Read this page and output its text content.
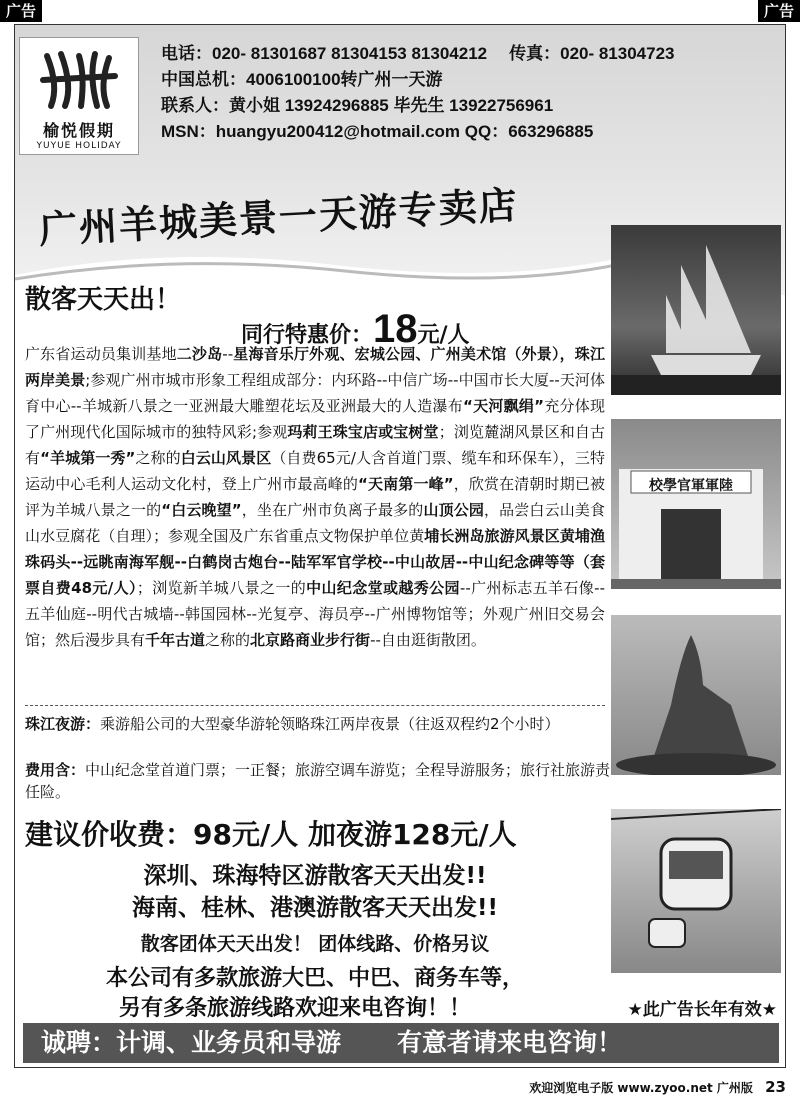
广告	广告
榆悦假期
YUYUE HOLIDAY
电话：020- 81301687 81304153 81304212 传真：020- 81304723
中国总机：4006100100转广州一天游
联系人：黄小姐 13924296885 毕先生 13922756961
MSN：huangyu200412@hotmail.com QQ：663296885
广州羊城美景一天游专卖店
散客天天出！
同行特惠价：18元/人
广东省运动员集训基地二沙岛--星海音乐厅外观、宏城公园、广州美术馆（外景），珠江两岸美景;参观广州市城市形象工程组成部分：内环路--中信广场--中国市长大厦--天河体育中心--羊城新八景之一亚洲最大雕塑花坛及亚洲最大的人造瀑布“天河飘绢”充分体现了广州现代化国际城市的独特风彩;参观玛莉王珠宝店或宝树堂；浏览麓湖风景区和自古有“羊城第一秀”之称的白云山风景区（自费65元/人含首道门票、缆车和环保车），三特运动中心毛利人运动文化村，登上广州市最高峰的“天南第一峰”，欣赏在清朝时期已被评为羊城八景之一的“白云晚望”，坐在广州市负离子最多的山顶公园，品尝白云山美食山水豆腐花（自理）；参观全国及广东省重点文物保护单位黄埔长洲岛旅游风景区黄埔渔珠码头--远眺南海军舰--白鹤岗古炮台--陆军军官学校--中山故居--中山纪念碑等等（套票自费48元/人）；浏览新羊城八景之一的中山纪念堂或越秀公园--广州标志五羊石像--五羊仙庭--明代古城墙--韩国园林--光复亭、海员亭--广州博物馆等；外观广州旧交易会馆；然后漫步具有千年古道之称的北京路商业步行街--自由逛街散团。
珠江夜游：乘游船公司的大型豪华游轮领略珠江两岸夜景（往返双程约2个小时）
费用含：中山纪念堂首道门票；一正餐；旅游空调车游览；全程导游服务；旅行社旅游责任险。
建议价收费：98元/人 加夜游128元/人
深圳、珠海特区游散客天天出发!!
海南、桂林、港澳游散客天天出发!!
散客团体天天出发！ 团体线路、价格另议
本公司有多款旅游大巴、中巴、商务车等，
另有多条旅游线路欢迎来电咨询！！	★此广告长年有效★
诚聘：计调、业务员和导游 有意者请来电咨询！
校學官軍軍陸
欢迎浏览电子版 www.zyoo.net 广州版 23
